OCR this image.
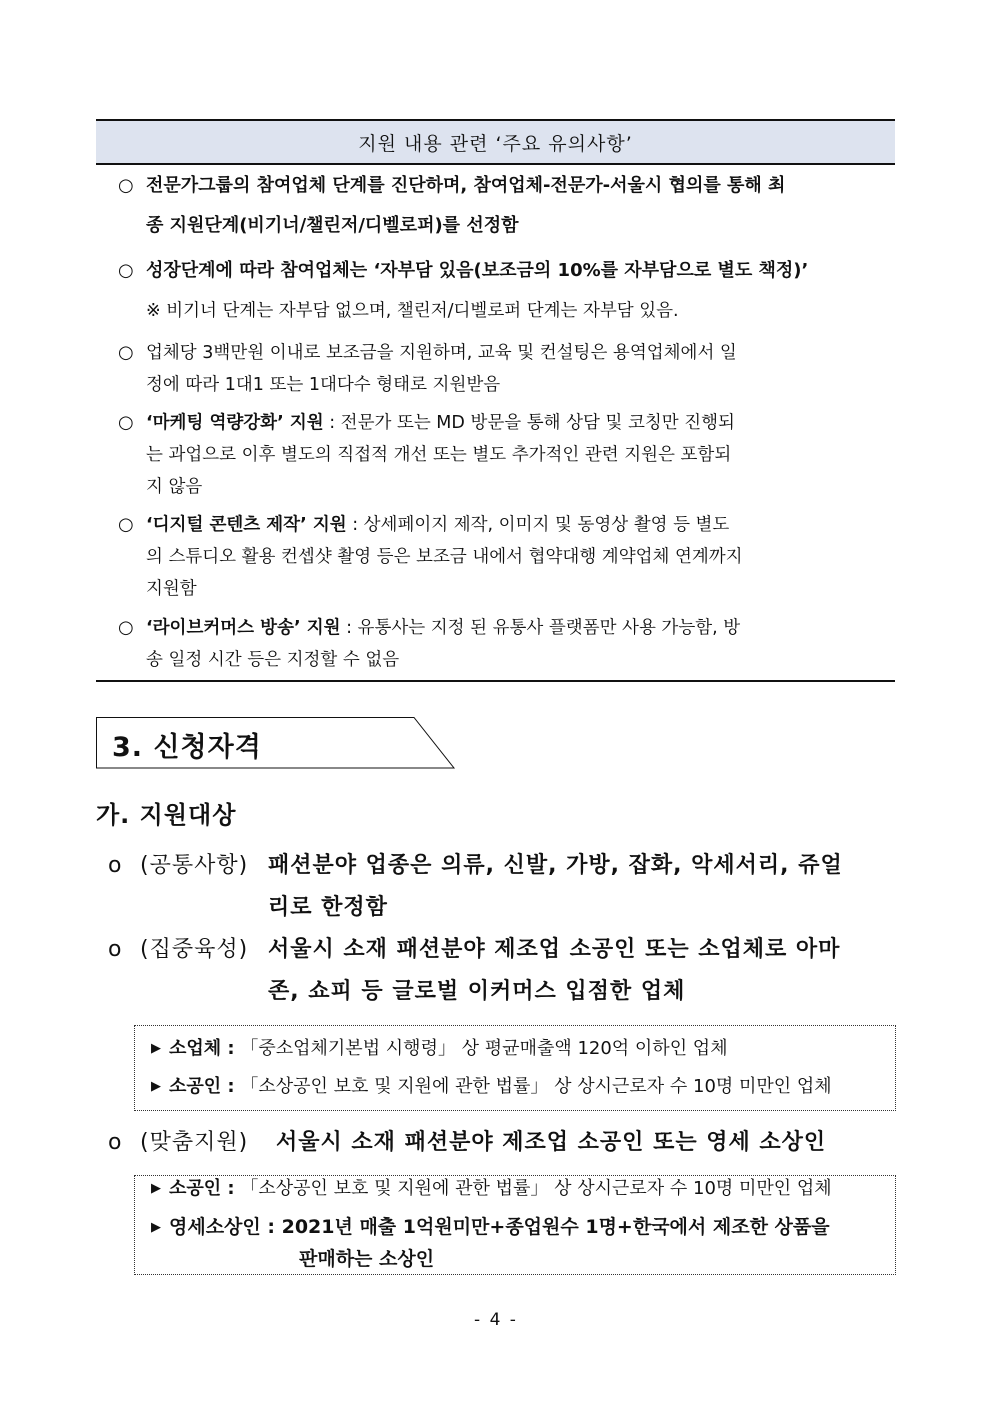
지원 내용 관련 ‘주요 유의사항’
○ 전문가그룹의 참여업체 단계를 진단하며, 참여업체-전문가-서울시 협의를 통해 최
종 지원단계(비기너/챌린저/디벨로퍼)를 선정함
○ 성장단계에 따라 참여업체는 ‘자부담 있음(보조금의 10%를 자부담으로 별도 책정)’
※ 비기너 단계는 자부담 없으며, 챌린저/디벨로퍼 단계는 자부담 있음.
○ 업체당 3백만원 이내로 보조금을 지원하며, 교육 및 컨설팅은 용역업체에서 일
정에 따라 1대1 또는 1대다수 형태로 지원받음
○ ‘마케팅 역량강화’ 지원 : 전문가 또는 MD 방문을 통해 상담 및 코칭만 진행되
는 과업으로 이후 별도의 직접적 개선 또는 별도 추가적인 관련 지원은 포함되
지 않음
○ ‘디지털 콘텐츠 제작’ 지원 : 상세페이지 제작, 이미지 및 동영상 촬영 등 별도
의 스튜디오 활용 컨셉샷 촬영 등은 보조금 내에서 협약대행 계약업체 연계까지
지원함
○ ‘라이브커머스 방송’ 지원 : 유통사는 지정 된 유통사 플랫폼만 사용 가능함, 방
송 일정 시간 등은 지정할 수 없음
3. 신청자격
가. 지원대상
o (공통사항) 패션분야 업종은 의류, 신발, 가방, 잡화, 악세서리, 쥬얼
리로 한정함
o (집중육성) 서울시 소재 패션분야 제조업 소공인 또는 소업체로 아마
존, 쇼피 등 글로벌 이커머스 입점한 업체
▶ 소업체 : 「중소업체기본법 시행령」 상 평균매출액 120억 이하인 업체
▶ 소공인 : 「소상공인 보호 및 지원에 관한 법률」 상 상시근로자 수 10명 미만인 업체
o (맞춤지원) 서울시 소재 패션분야 제조업 소공인 또는 영세 소상인
▶ 소공인 : 「소상공인 보호 및 지원에 관한 법률」 상 상시근로자 수 10명 미만인 업체
▶ 영세소상인 : 2021년 매출 1억원미만+종업원수 1명+한국에서 제조한 상품을
판매하는 소상인
- 4 -
